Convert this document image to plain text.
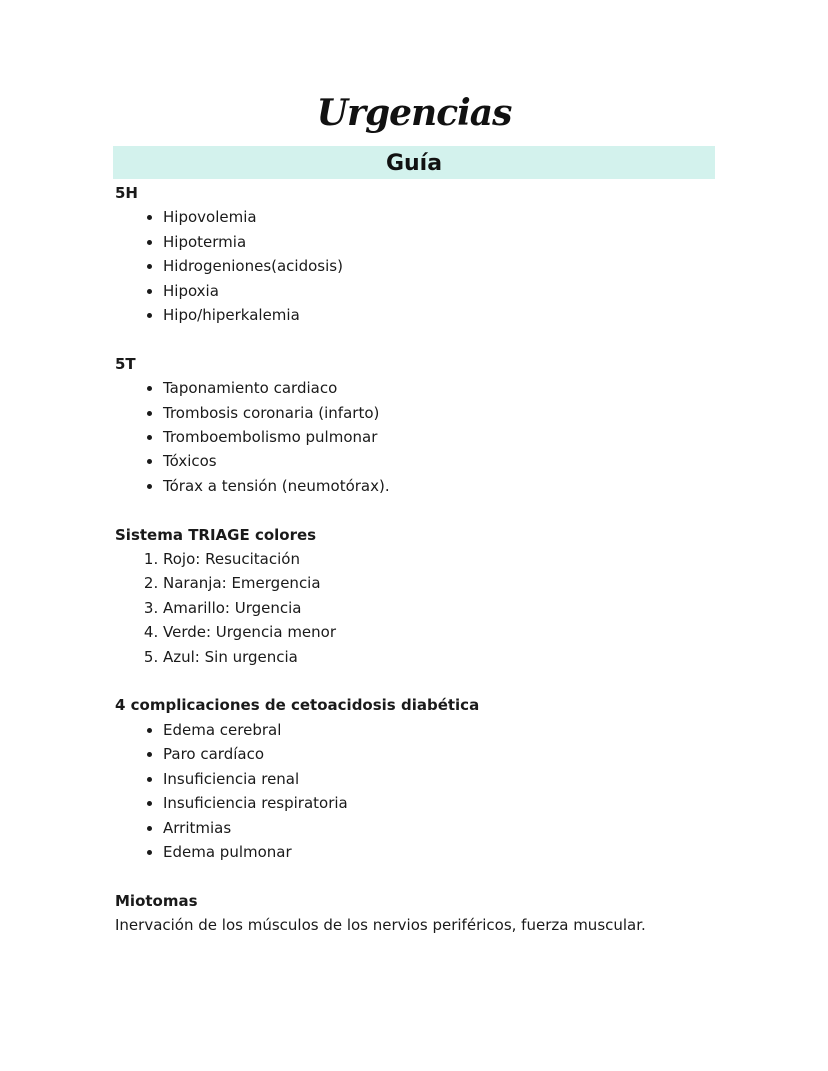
Urgencias
Guía
5H
• Hipovolemia
• Hipotermia
• Hidrogeniones(acidosis)
• Hipoxia
• Hipo/hiperkalemia
5T
• Taponamiento cardiaco
• Trombosis coronaria (infarto)
• Tromboembolismo pulmonar
• Tóxicos
• Tórax a tensión (neumotórax).
Sistema TRIAGE colores
1. Rojo: Resucitación
2. Naranja: Emergencia
3. Amarillo: Urgencia
4. Verde: Urgencia menor
5. Azul: Sin urgencia
4 complicaciones de cetoacidosis diabética
• Edema cerebral
• Paro cardíaco
• Insuficiencia renal
• Insuficiencia respiratoria
• Arritmias
• Edema pulmonar
Miotomas
Inervación de los músculos de los nervios periféricos, fuerza muscular.
